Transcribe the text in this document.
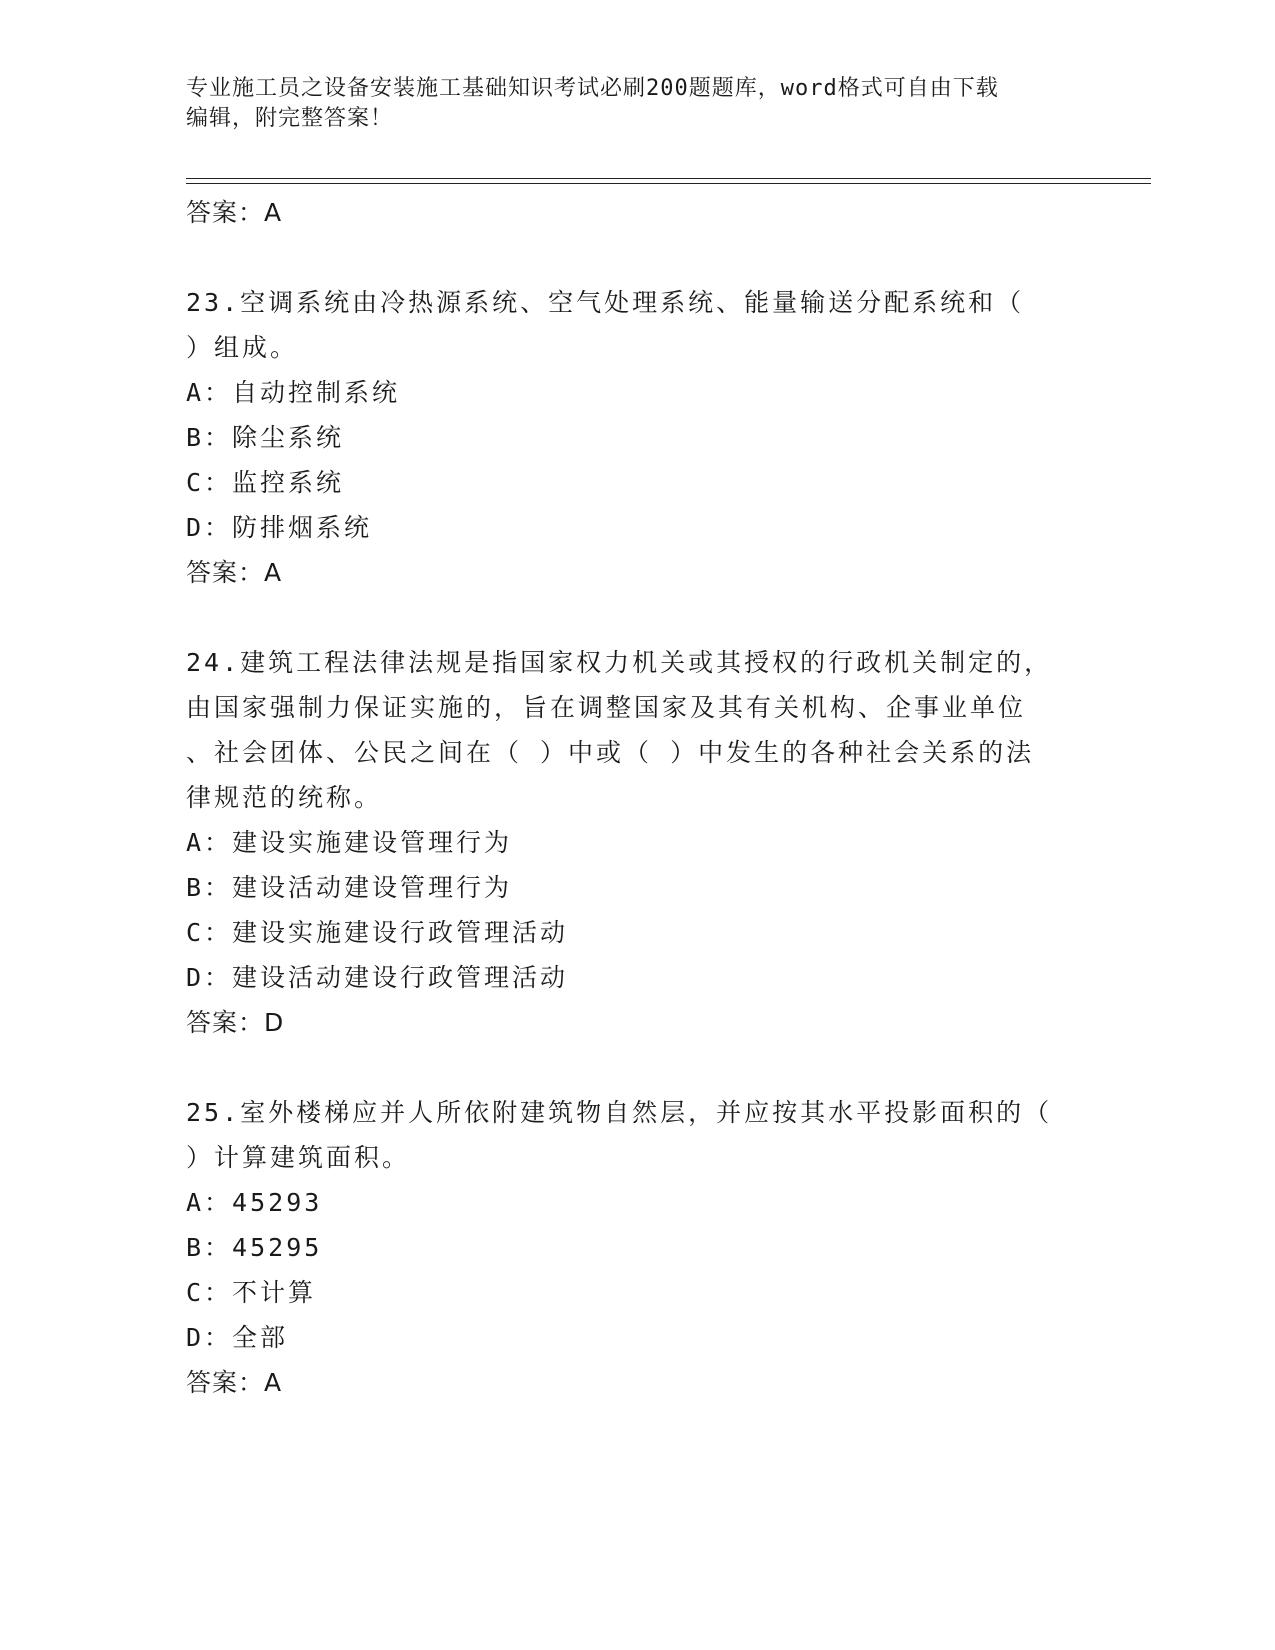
专业施工员之设备安装施工基础知识考试必刷200题题库，word格式可自由下载
编辑，附完整答案！
答案：A
23.空调系统由冷热源系统、空气处理系统、能量输送分配系统和（
）组成。
A：自动控制系统
B：除尘系统
C：监控系统
D：防排烟系统
答案：A
24.建筑工程法律法规是指国家权力机关或其授权的行政机关制定的，
由国家强制力保证实施的，旨在调整国家及其有关机构、企事业单位
、社会团体、公民之间在（ ）中或（ ）中发生的各种社会关系的法
律规范的统称。
A：建设实施建设管理行为
B：建设活动建设管理行为
C：建设实施建设行政管理活动
D：建设活动建设行政管理活动
答案：D
25.室外楼梯应并人所依附建筑物自然层，并应按其水平投影面积的（
）计算建筑面积。
A：45293
B：45295
C：不计算
D：全部
答案：A
